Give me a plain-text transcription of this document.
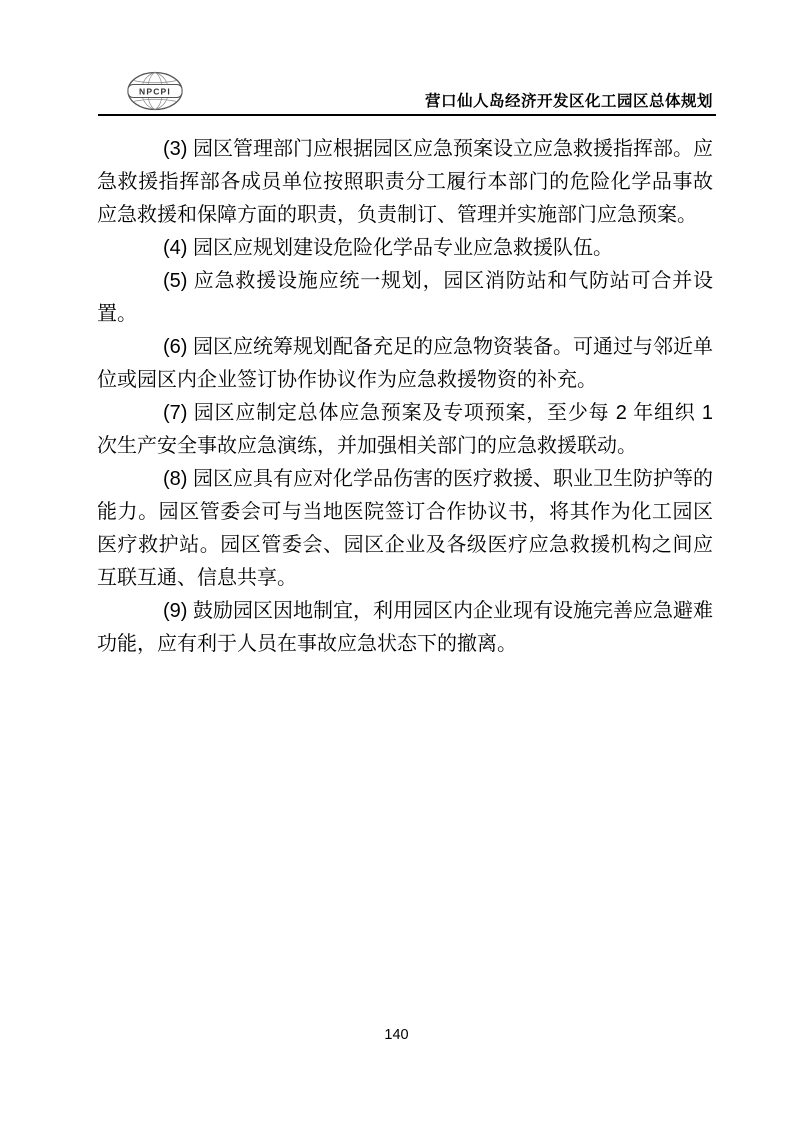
NPCPI
营口仙人岛经济开发区化工园区总体规划

(3) 园区管理部门应根据园区应急预案设立应急救援指挥部。应急救援指挥部各成员单位按照职责分工履行本部门的危险化学品事故应急救援和保障方面的职责，负责制订、管理并实施部门应急预案。

(4) 园区应规划建设危险化学品专业应急救援队伍。

(5) 应急救援设施应统一规划，园区消防站和气防站可合并设置。

(6) 园区应统筹规划配备充足的应急物资装备。可通过与邻近单位或园区内企业签订协作协议作为应急救援物资的补充。

(7) 园区应制定总体应急预案及专项预案，至少每 2 年组织 1 次生产安全事故应急演练，并加强相关部门的应急救援联动。

(8) 园区应具有应对化学品伤害的医疗救援、职业卫生防护等的能力。园区管委会可与当地医院签订合作协议书，将其作为化工园区医疗救护站。园区管委会、园区企业及各级医疗应急救援机构之间应互联互通、信息共享。

(9) 鼓励园区因地制宜，利用园区内企业现有设施完善应急避难功能，应有利于人员在事故应急状态下的撤离。

140
